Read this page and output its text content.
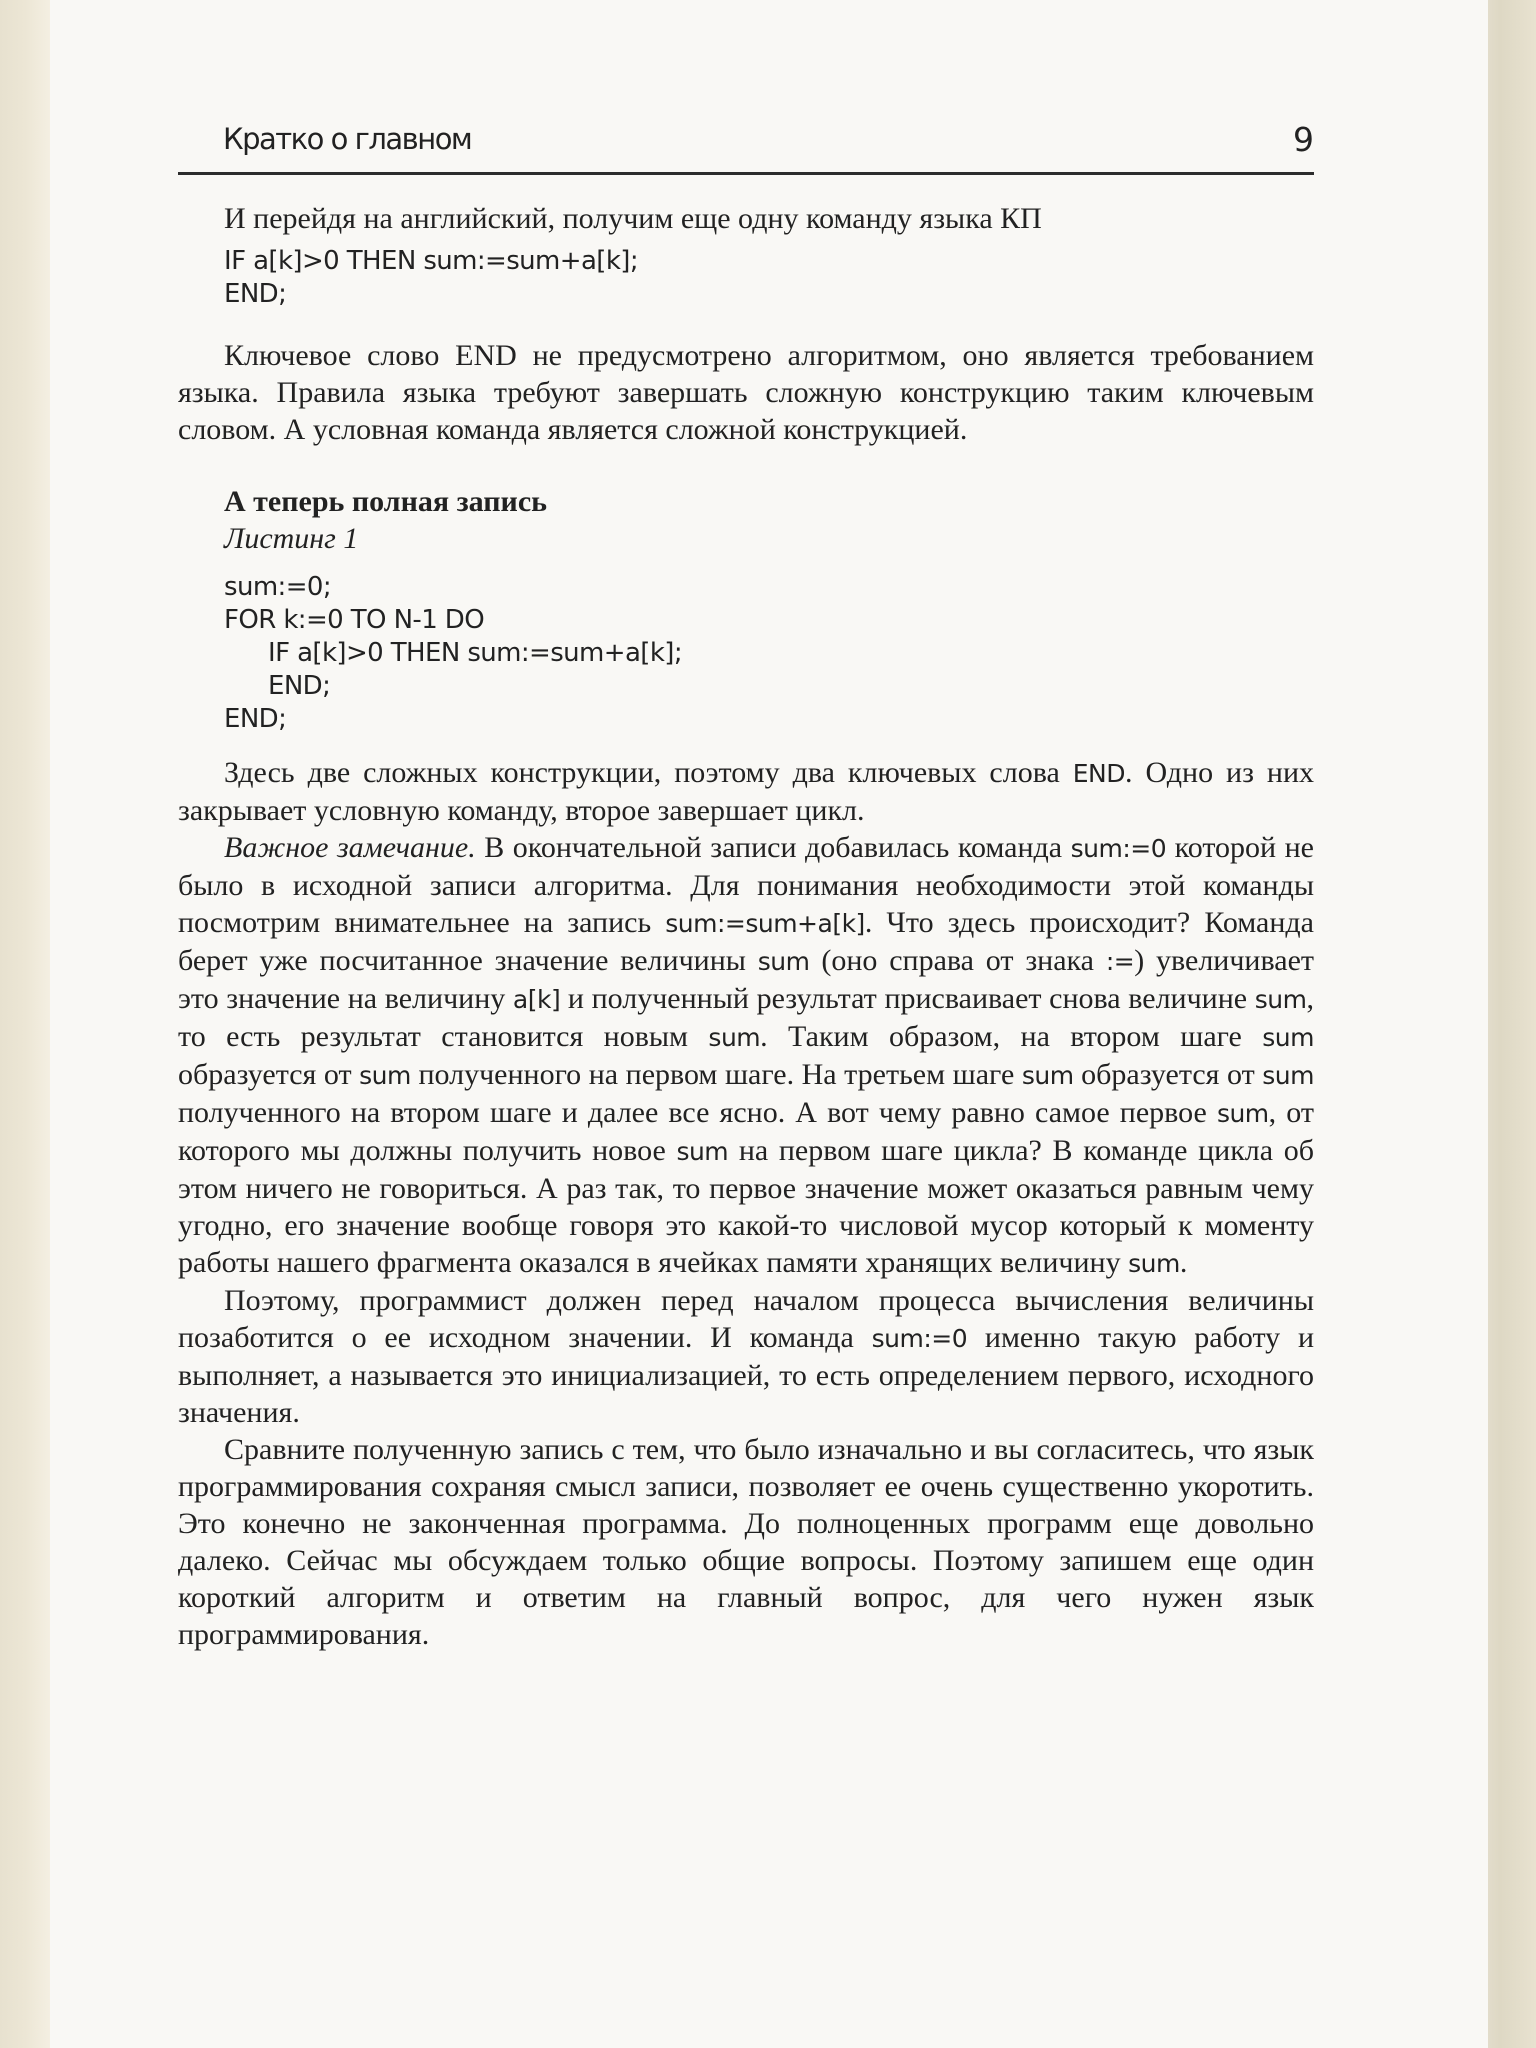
Кратко о главном	9

И перейдя на английский, получим еще одну команду языка КП

IF a[k]>0 THEN sum:=sum+a[k];
END;

Ключевое слово END не предусмотрено алгоритмом, оно является требованием языка. Правила языка требуют завершать сложную конструкцию таким ключевым словом. А условная команда является сложной конструкцией.

А теперь полная запись

Листинг 1

sum:=0;
FOR k:=0 TO N-1 DO
IF a[k]>0 THEN sum:=sum+a[k];
END;
END;

Здесь две сложных конструкции, поэтому два ключевых слова END. Одно из них закрывает условную команду, второе завершает цикл.

Важное замечание. В окончательной записи добавилась команда sum:=0 которой не было в исходной записи алгоритма. Для понимания необходимости этой команды посмотрим внимательнее на запись sum:=sum+a[k]. Что здесь происходит? Команда берет уже посчитанное значение величины sum (оно справа от знака :=) увеличивает это значение на величину a[k] и полученный результат присваивает снова величине sum, то есть результат становится новым sum. Таким образом, на втором шаге sum образуется от sum полученного на первом шаге. На третьем шаге sum образуется от sum полученного на втором шаге и далее все ясно. А вот чему равно самое первое sum, от которого мы должны получить новое sum на первом шаге цикла? В команде цикла об этом ничего не говориться. А раз так, то первое значение может оказаться равным чему угодно, его значение вообще говоря это какой-то числовой мусор который к моменту работы нашего фрагмента оказался в ячейках памяти хранящих величину sum.

Поэтому, программист должен перед началом процесса вычисления величины позаботится о ее исходном значении. И команда sum:=0 именно такую работу и выполняет, а называется это инициализацией, то есть определением первого, исходного значения.

Сравните полученную запись с тем, что было изначально и вы согласитесь, что язык программирования сохраняя смысл записи, позволяет ее очень существенно укоротить. Это конечно не законченная программа. До полноценных программ еще довольно далеко. Сейчас мы обсуждаем только общие вопросы. Поэтому запишем еще один короткий алгоритм и ответим на главный вопрос, для чего нужен язык программирования.
